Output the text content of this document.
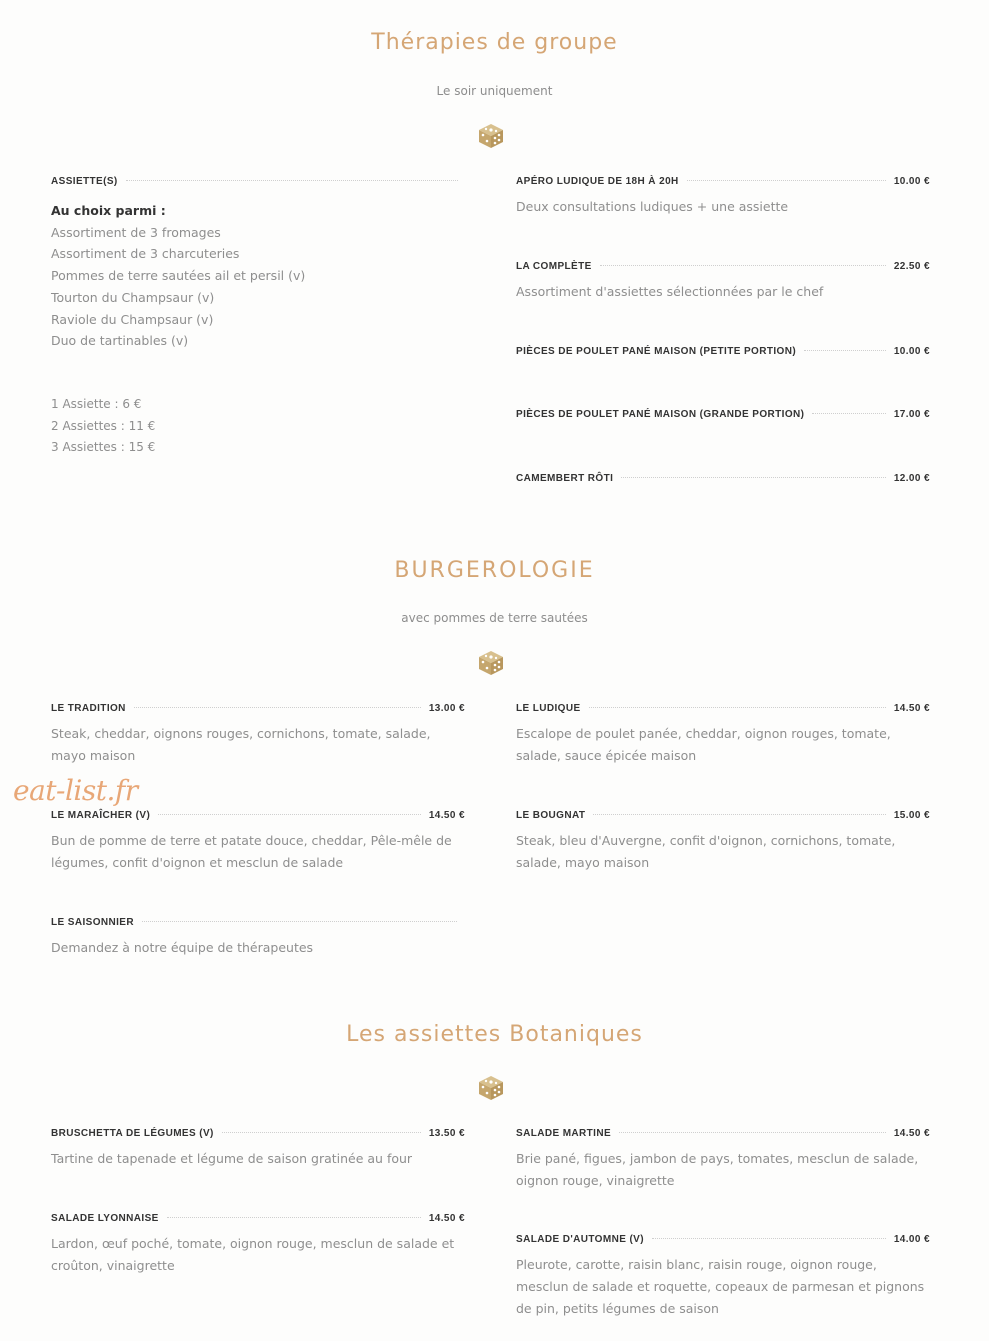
Thérapies de groupe

Le soir uniquement

ASSIETTE(S)
Au choix parmi :
Assortiment de 3 fromages
Assortiment de 3 charcuteries
Pommes de terre sautées ail et persil (v)
Tourton du Champsaur (v)
Raviole du Champsaur (v)
Duo de tartinables (v)
1 Assiette : 6 €
2 Assiettes : 11 €
3 Assiettes : 15 €
APÉRO LUDIQUE DE 18H À 20H	10.00 €
Deux consultations ludiques + une assiette
LA COMPLÈTE	22.50 €
Assortiment d'assiettes sélectionnées par le chef
PIÈCES DE POULET PANÉ MAISON (PETITE PORTION)	10.00 €
PIÈCES DE POULET PANÉ MAISON (GRANDE PORTION)	17.00 €
CAMEMBERT RÔTI	12.00 €
BURGEROLOGIE

avec pommes de terre sautées

LE TRADITION	13.00 €
Steak, cheddar, oignons rouges, cornichons, tomate, salade, mayo maison
LE LUDIQUE	14.50 €
Escalope de poulet panée, cheddar, oignon rouges, tomate, salade, sauce épicée maison
LE MARAÎCHER (V)	14.50 €
Bun de pomme de terre et patate douce, cheddar, Pêle-mêle de légumes, confit d'oignon et mesclun de salade
LE BOUGNAT	15.00 €
Steak, bleu d'Auvergne, confit d'oignon, cornichons, tomate, salade, mayo maison
LE SAISONNIER
Demandez à notre équipe de thérapeutes
eat-list.fr
Les assiettes Botaniques
BRUSCHETTA DE LÉGUMES (V)	13.50 €
Tartine de tapenade et légume de saison gratinée au four
SALADE MARTINE	14.50 €
Brie pané, figues, jambon de pays, tomates, mesclun de salade, oignon rouge, vinaigrette
SALADE LYONNAISE	14.50 €
Lardon, œuf poché, tomate, oignon rouge, mesclun de salade et croûton, vinaigrette
SALADE D'AUTOMNE (V)	14.00 €
Pleurote, carotte, raisin blanc, raisin rouge, oignon rouge, mesclun de salade et roquette, copeaux de parmesan et pignons de pin, petits légumes de saison
